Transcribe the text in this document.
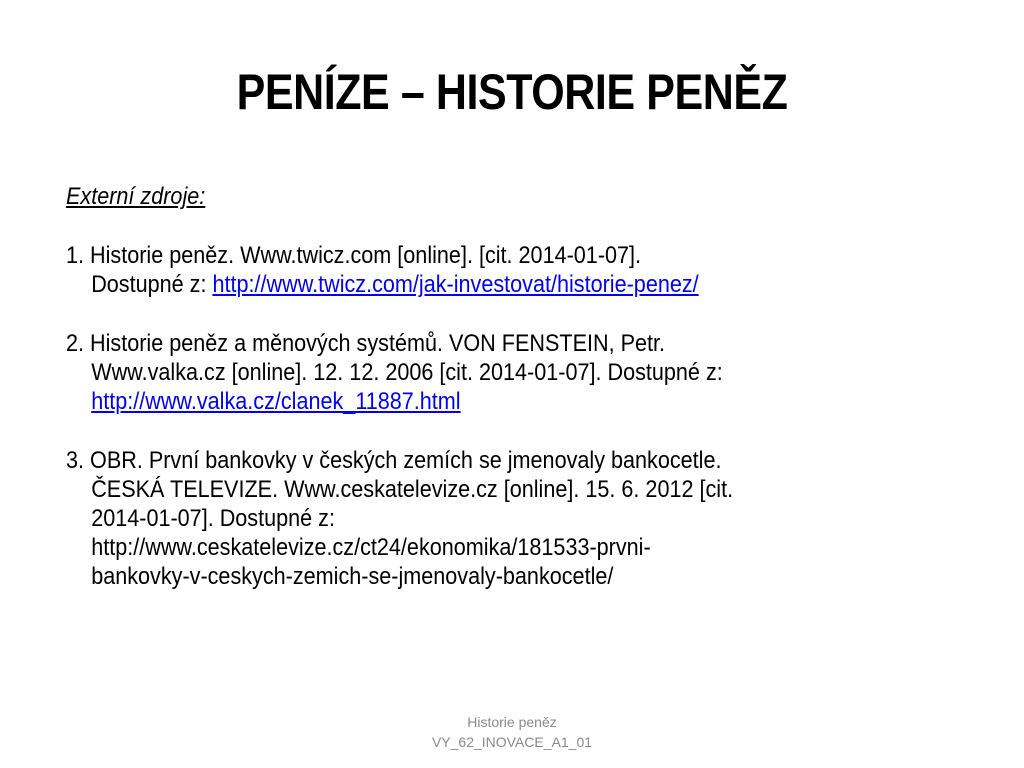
PENÍZE – HISTORIE PENĚZ
Externí zdroje:
1. Historie peněz. Www.twicz.com [online]. [cit. 2014-01-07].
Dostupné z: http://www.twicz.com/jak-investovat/historie-penez/
2. Historie peněz a měnových systémů. VON FENSTEIN, Petr.
Www.valka.cz [online]. 12. 12. 2006 [cit. 2014-01-07]. Dostupné z:
http://www.valka.cz/clanek_11887.html
3. OBR. První bankovky v českých zemích se jmenovaly bankocetle.
ČESKÁ TELEVIZE. Www.ceskatelevize.cz [online]. 15. 6. 2012 [cit.
2014-01-07]. Dostupné z:
http://www.ceskatelevize.cz/ct24/ekonomika/181533-prvni-
bankovky-v-ceskych-zemich-se-jmenovaly-bankocetle/
Historie peněz
VY_62_INOVACE_A1_01
